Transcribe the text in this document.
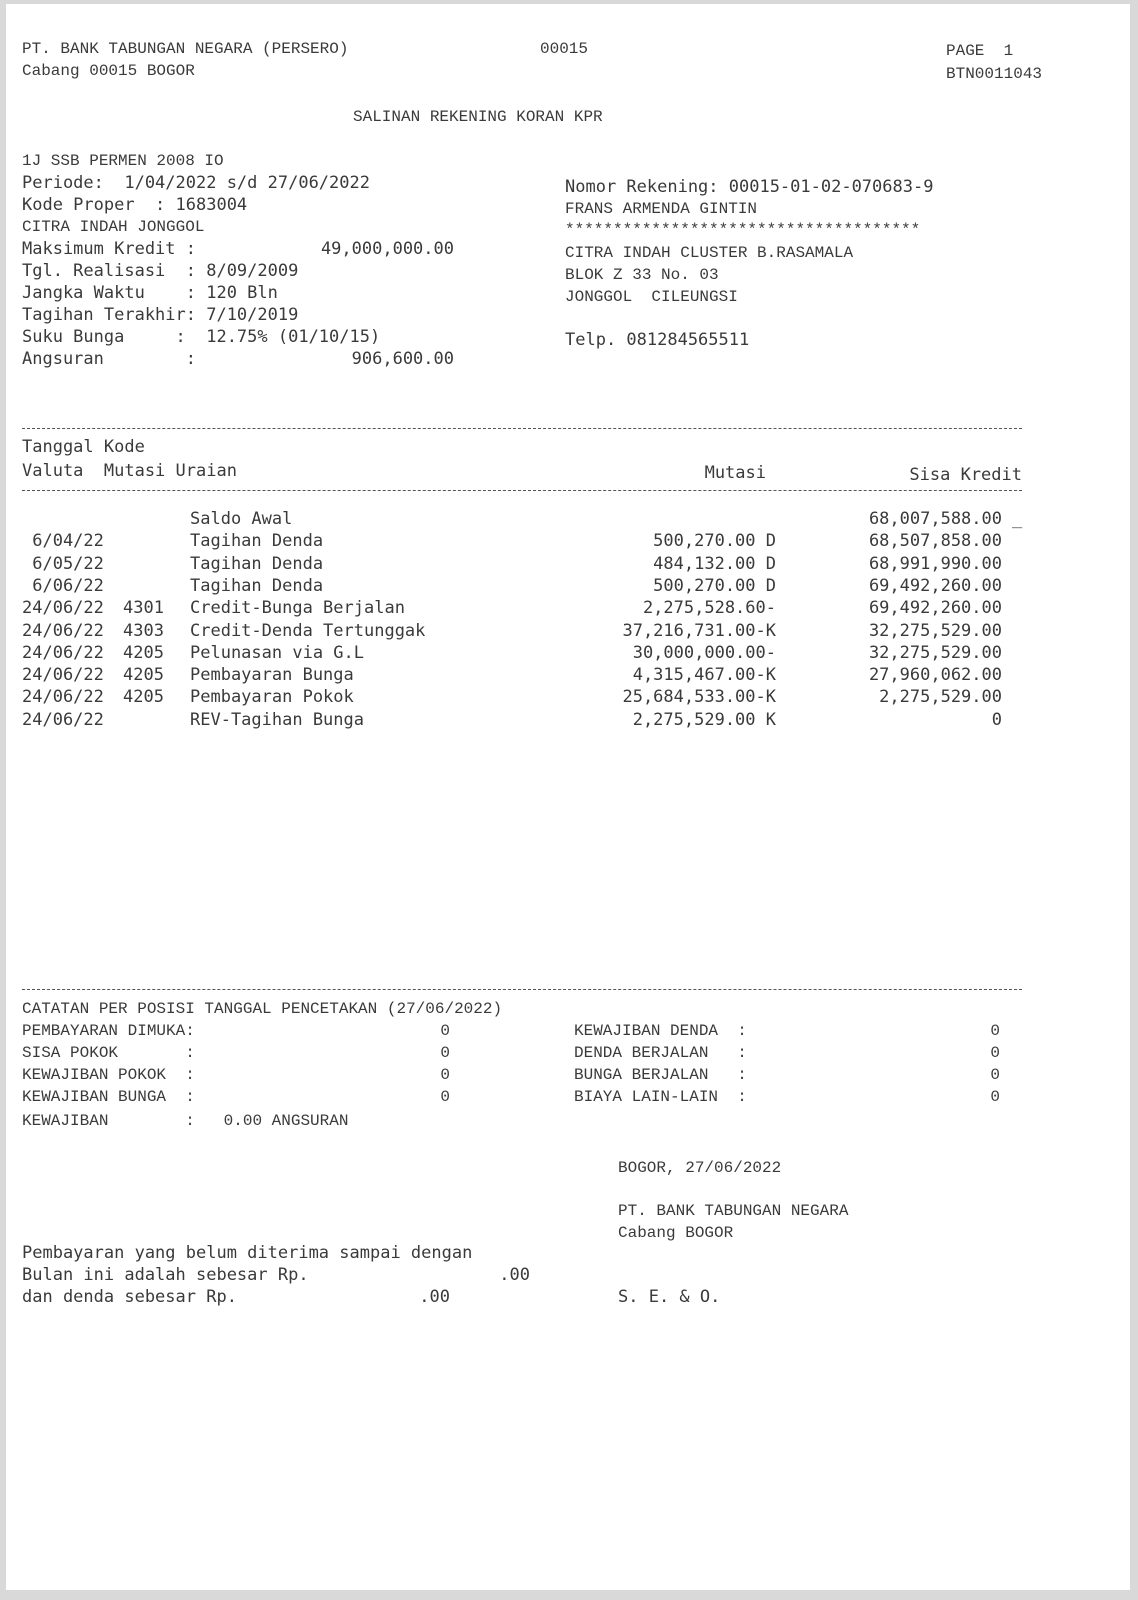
PT. BANK TABUNGAN NEGARA (PERSERO)
Cabang 00015 BOGOR
00015	PAGE  1
BTN0011043
SALINAN REKENING KORAN KPR
1J SSB PERMEN 2008 IO
Periode:  1/04/2022 s/d 27/06/2022
Kode Proper  : 1683004
CITRA INDAH JONGGOL
Maksimum Kredit :	49,000,000.00
Tgl. Realisasi  : 8/09/2009
Jangka Waktu    : 120 Bln
Tagihan Terakhir: 7/10/2019
Suku Bunga     :  12.75% (01/10/15)
Angsuran        :	906,600.00
Nomor Rekening: 00015-01-02-070683-9
FRANS ARMENDA GINTIN
*************************************
CITRA INDAH CLUSTER B.RASAMALA
BLOK Z 33 No. 03
JONGGOL  CILEUNGSI
Telp. 081284565511
Tanggal Kode
Valuta  Mutasi Uraian	Mutasi	Sisa Kredit
Saldo Awal	68,007,588.00
6/04/22	Tagihan Denda	500,270.00 D	68,507,858.00
6/05/22	Tagihan Denda	484,132.00 D	68,991,990.00
6/06/22	Tagihan Denda	500,270.00 D	69,492,260.00
24/06/22 4301 Credit-Bunga Berjalan	2,275,528.60-	69,492,260.00
24/06/22 4303 Credit-Denda Tertunggak	37,216,731.00-K	32,275,529.00
24/06/22 4205 Pelunasan via G.L	30,000,000.00-	32,275,529.00
24/06/22 4205 Pembayaran Bunga	4,315,467.00-K	27,960,062.00
24/06/22 4205 Pembayaran Pokok	25,684,533.00-K	2,275,529.00
24/06/22	REV-Tagihan Bunga	2,275,529.00 K	0
_
CATATAN PER POSISI TANGGAL PENCETAKAN (27/06/2022)
PEMBAYARAN DIMUKA:	0
SISA POKOK       :	0
KEWAJIBAN POKOK  :	0
KEWAJIBAN BUNGA  :	0
KEWAJIBAN DENDA  :	0
DENDA BERJALAN   :	0
BUNGA BERJALAN   :	0
BIAYA LAIN-LAIN  :	0
KEWAJIBAN        :   0.00 ANGSURAN
BOGOR, 27/06/2022
PT. BANK TABUNGAN NEGARA
Cabang BOGOR
Pembayaran yang belum diterima sampai dengan
Bulan ini adalah sebesar Rp.	.00
dan denda sebesar Rp.	.00	S. E. & O.
